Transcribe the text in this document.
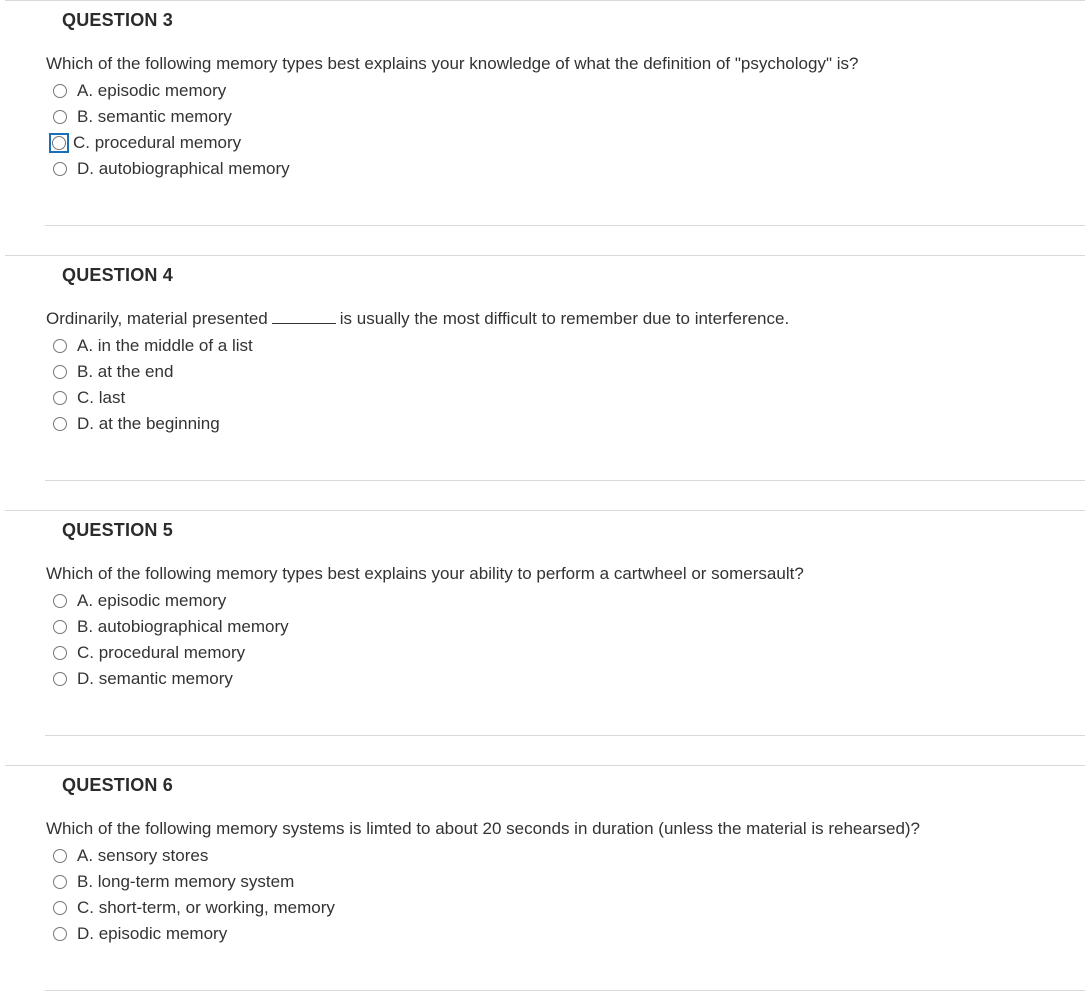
QUESTION 3
Which of the following memory types best explains your knowledge of what the definition of "psychology" is?
A. episodic memory
B. semantic memory
C. procedural memory
D. autobiographical memory
QUESTION 4
Ordinarily, material presented	is usually the most difficult to remember due to interference.
A. in the middle of a list
B. at the end
C. last
D. at the beginning
QUESTION 5
Which of the following memory types best explains your ability to perform a cartwheel or somersault?
A. episodic memory
B. autobiographical memory
C. procedural memory
D. semantic memory
QUESTION 6
Which of the following memory systems is limted to about 20 seconds in duration (unless the material is rehearsed)?
A. sensory stores
B. long-term memory system
C. short-term, or working, memory
D. episodic memory
